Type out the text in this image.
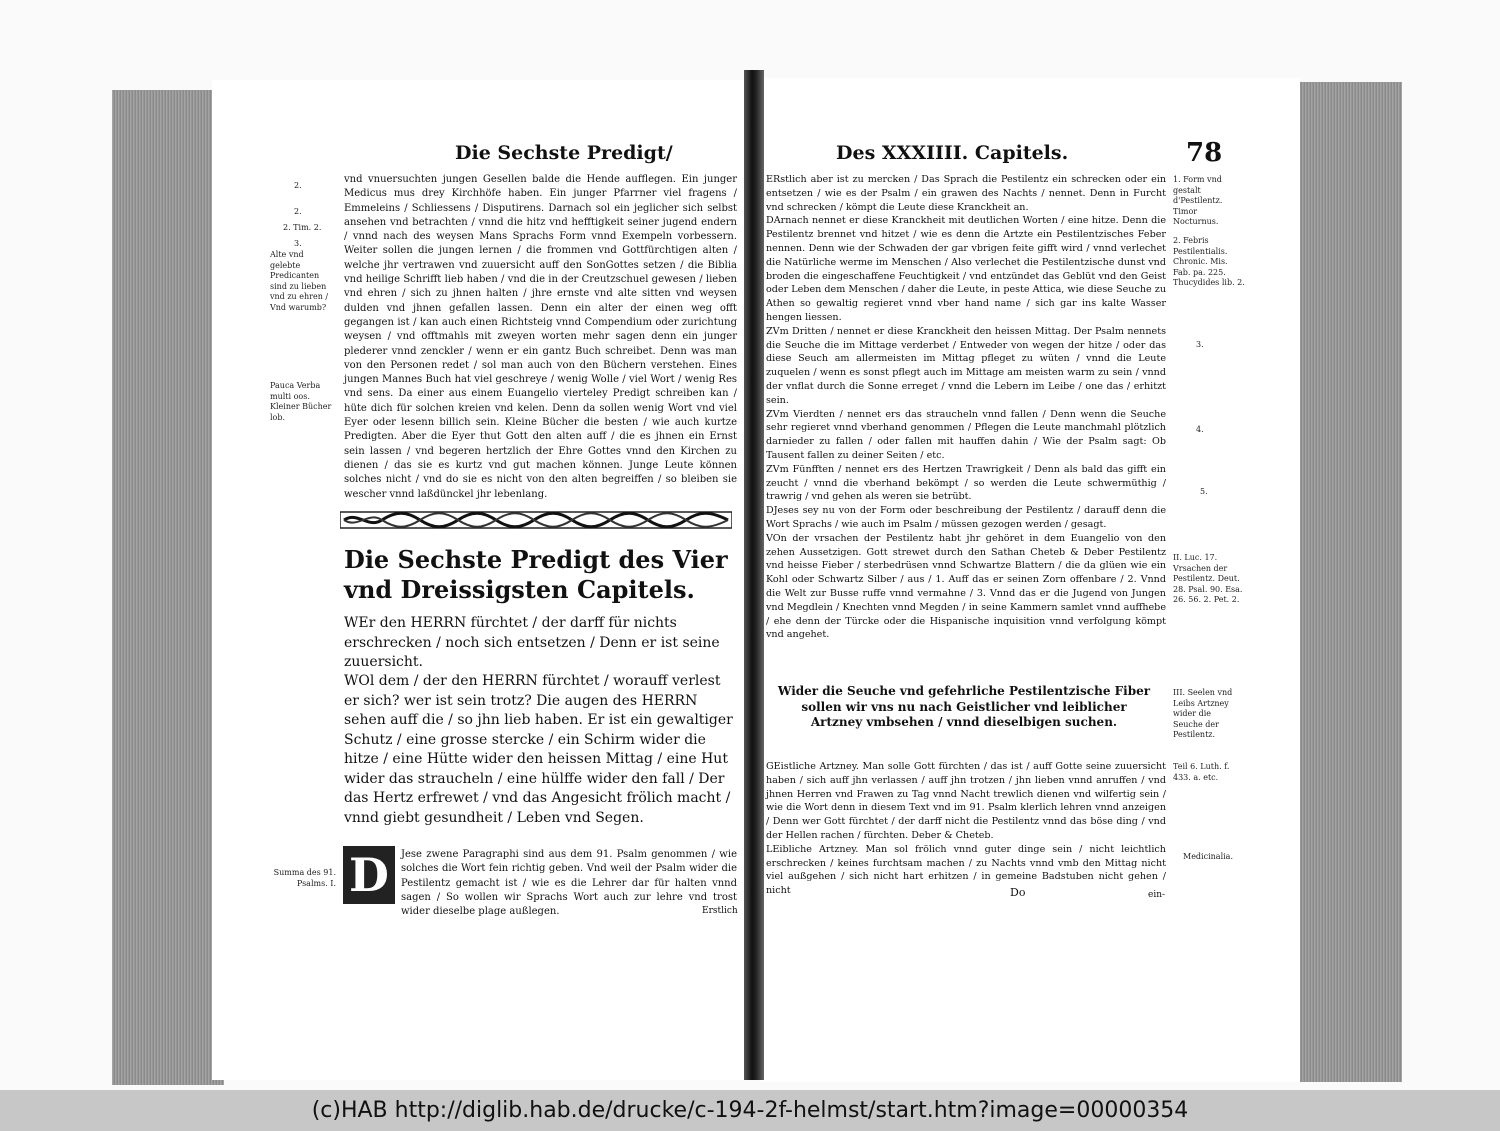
Die Sechste Predigt/
2.
2.
2. Tim. 2.
3.
Alte vnd gelebte Predicanten sind zu lieben vnd zu ehren / Vnd warumb?
Pauca Verba multi oos. Kleiner Bücher lob.
vnd vnuersuchten jungen Gesellen balde die Hende aufflegen. Ein junger Medicus mus drey Kirchhöfe haben. Ein junger Pfarrner viel fragens / Emmeleins / Schliessens / Disputirens. Darnach sol ein jeglicher sich selbst ansehen vnd betrachten / vnnd die hitz vnd hefftigkeit seiner jugend endern / vnnd nach des weysen Mans Sprachs Form vnnd Exempeln vorbessern. Weiter sollen die jungen lernen / die frommen vnd Gottfürchtigen alten / welche jhr vertrawen vnd zuuersicht auff den SonGottes setzen / die Biblia vnd heilige Schrifft lieb haben / vnd die in der Creutzschuel gewesen / lieben vnd ehren / sich zu jhnen halten / jhre ernste vnd alte sitten vnd weysen dulden vnd jhnen gefallen lassen. Denn ein alter der einen weg offt gegangen ist / kan auch einen Richtsteig vnnd Compendium oder zurichtung weysen / vnd offtmahls mit zweyen worten mehr sagen denn ein junger plederer vnnd zenckler / wenn er ein gantz Buch schreibet. Denn was man von den Personen redet / sol man auch von den Büchern verstehen. Eines jungen Mannes Buch hat viel geschreye / wenig Wolle / viel Wort / wenig Res vnd sens. Da einer aus einem Euangelio vierteley Predigt schreiben kan / hüte dich für solchen kreien vnd kelen. Denn da sollen wenig Wort vnd viel Eyer oder lesenn billich sein. Kleine Bücher die besten / wie auch kurtze Predigten. Aber die Eyer thut Gott den alten auff / die es jhnen ein Ernst sein lassen / vnd begeren hertzlich der Ehre Gottes vnnd den Kirchen zu dienen / das sie es kurtz vnd gut machen können. Junge Leute können solches nicht / vnd do sie es nicht von den alten begreiffen / so bleiben sie wescher vnnd laßdünckel jhr lebenlang.
Die Sechste Predigt des Vier vnd Dreissigsten Capitels.
WEr den HERRN fürchtet / der darff für nichts erschrecken / noch sich entsetzen / Denn er ist seine zuuersicht.
WOl dem / der den HERRN fürchtet / worauff verlest er sich? wer ist sein trotz? Die augen des HERRN sehen auff die / so jhn lieb haben. Er ist ein gewaltiger Schutz / eine grosse stercke / ein Schirm wider die hitze / eine Hütte wider den heissen Mittag / eine Hut wider das straucheln / eine hülffe wider den fall / Der das Hertz erfrewet / vnd das Angesicht frölich macht / vnnd giebt gesundheit / Leben vnd Segen.
D	Jese zwene Paragraphi sind aus dem 91. Psalm genommen / wie solches die Wort fein richtig geben. Vnd weil der Psalm wider die Pestilentz gemacht ist / wie es die Lehrer dar für halten vnnd sagen / So wollen wir Sprachs Wort auch zur lehre vnd trost wider dieselbe plage außlegen.	Erstlich
Summa des 91. Psalms. I.
Des XXXIIII. Capitels.	78
ERstlich aber ist zu mercken / Das Sprach die Pestilentz ein schrecken oder ein entsetzen / wie es der Psalm / ein grawen des Nachts / nennet. Denn in Furcht vnd schrecken / kömpt die Leute diese Kranckheit an.
DArnach nennet er diese Kranckheit mit deutlichen Worten / eine hitze. Denn die Pestilentz brennet vnd hitzet / wie es denn die Artzte ein Pestilentzisches Feber nennen. Denn wie der Schwaden der gar vbrigen feite gifft wird / vnnd verlechet die Natürliche werme im Menschen / Also verlechet die Pestilentzische dunst vnd broden die eingeschaffene Feuchtigkeit / vnd entzündet das Geblüt vnd den Geist oder Leben dem Menschen / daher die Leute, in peste Attica, wie diese Seuche zu Athen so gewaltig regieret vnnd vber hand name / sich gar ins kalte Wasser hengen liessen.
ZVm Dritten / nennet er diese Kranckheit den heissen Mittag. Der Psalm nennets die Seuche die im Mittage verderbet / Entweder von wegen der hitze / oder das diese Seuch am allermeisten im Mittag pfleget zu wüten / vnnd die Leute zuquelen / wenn es sonst pflegt auch im Mittage am meisten warm zu sein / vnnd der vnflat durch die Sonne erreget / vnnd die Lebern im Leibe / one das / erhitzt sein.
ZVm Vierdten / nennet ers das straucheln vnnd fallen / Denn wenn die Seuche sehr regieret vnnd vberhand genommen / Pflegen die Leute manchmahl plötzlich darnieder zu fallen / oder fallen mit hauffen dahin / Wie der Psalm sagt: Ob Tausent fallen zu deiner Seiten / etc.
ZVm Fünfften / nennet ers des Hertzen Trawrigkeit / Denn als bald das gifft ein zeucht / vnnd die vberhand bekömpt / so werden die Leute schwermüthig / trawrig / vnd gehen als weren sie betrübt.
DJeses sey nu von der Form oder beschreibung der Pestilentz / darauff denn die Wort Sprachs / wie auch im Psalm / müssen gezogen werden / gesagt.
VOn der vrsachen der Pestilentz habt jhr gehöret in dem Euangelio von den zehen Aussetzigen. Gott strewet durch den Sathan Cheteb & Deber Pestilentz vnd heisse Fieber / sterbedrüsen vnnd Schwartze Blattern / die da glüen wie ein Kohl oder Schwartz Silber / aus / 1. Auff das er seinen Zorn offenbare / 2. Vnnd die Welt zur Busse ruffe vnnd vermahne / 3. Vnnd das er die Jugend von Jungen vnd Megdlein / Knechten vnnd Megden / in seine Kammern samlet vnnd auffhebe / ehe denn der Türcke oder die Hispanische inquisition vnnd verfolgung kömpt vnd angehet.
Wider die Seuche vnd gefehrliche Pestilentzische Fiber sollen wir vns nu nach Geistlicher vnd leiblicher Artzney vmbsehen / vnnd dieselbigen suchen.
GEistliche Artzney. Man solle Gott fürchten / das ist / auff Gotte seine zuuersicht haben / sich auff jhn verlassen / auff jhn trotzen / jhn lieben vnnd anruffen / vnd jhnen Herren vnd Frawen zu Tag vnnd Nacht trewlich dienen vnd wilfertig sein / wie die Wort denn in diesem Text vnd im 91. Psalm klerlich lehren vnnd anzeigen / Denn wer Gott fürchtet / der darff nicht die Pestilentz vnnd das böse ding / vnd der Hellen rachen / fürchten. Deber & Cheteb.
LEibliche Artzney. Man sol frölich vnnd guter dinge sein / nicht leichtlich erschrecken / keines furchtsam machen / zu Nachts vnnd vmb den Mittag nicht viel außgehen / sich nicht hart erhitzen / in gemeine Badstuben nicht gehen / nicht	Do	ein-
1. Form vnd gestalt d'Pestilentz. Timor Nocturnus.
2. Febris Pestilentialis. Chronic. Mis. Fab. pa. 225. Thucydides lib. 2.
3.
4.
5.
II. Luc. 17. Vrsachen der Pestilentz. Deut. 28. Psal. 90. Esa. 26. 56. 2. Pet. 2.
III. Seelen vnd Leibs Artzney wider die Seuche der Pestilentz.
Teil 6. Luth. f. 433. a. etc.
Medicinalia.
(c)HAB http://diglib.hab.de/drucke/c-194-2f-helmst/start.htm?image=00000354
